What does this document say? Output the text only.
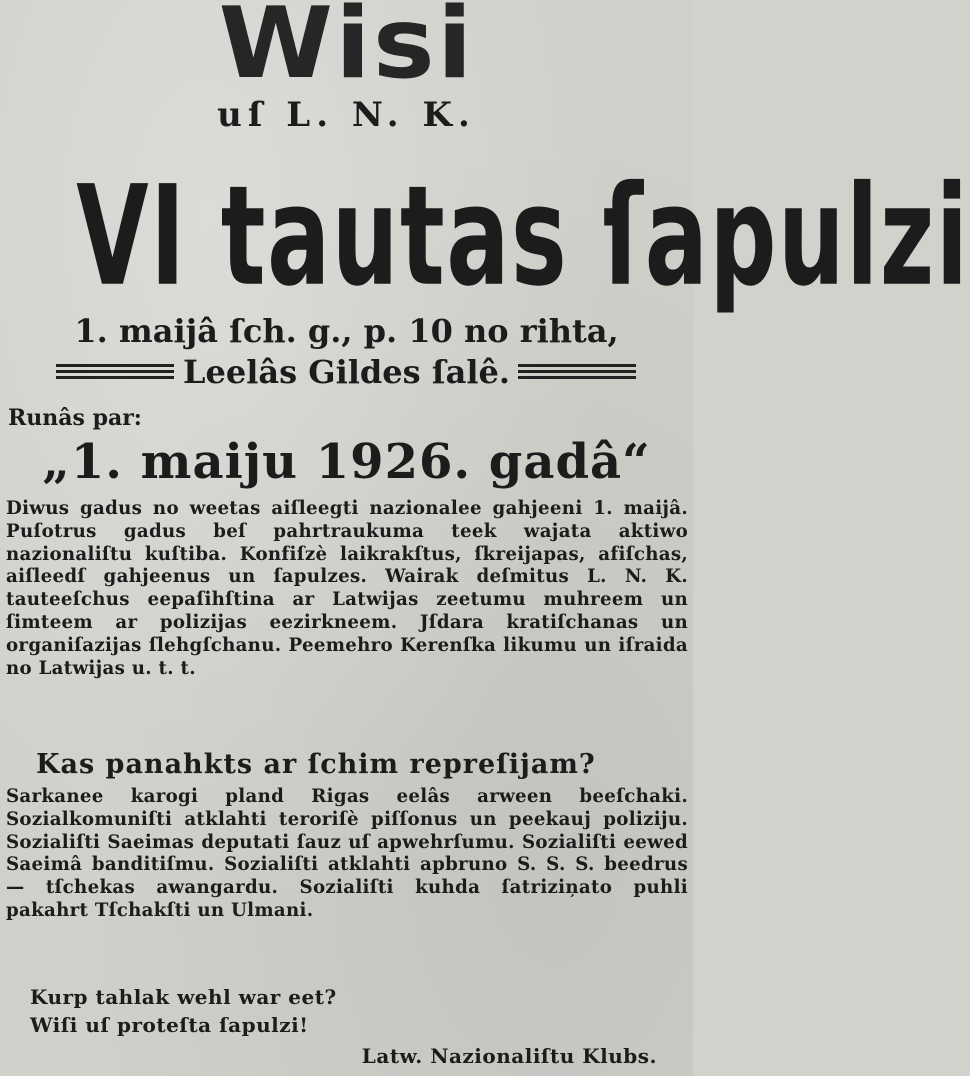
Wisi
uſ L. N. K.
VI tautas ſapulzi
1. maijâ ſch. g., p. 10 no rihta,
Leelâs Gildes ſalê.
Runâs par:
„1. maiju 1926. gadâ“
Diwus gadus no weetas aiſleegti nazionalee gahjeeni 1. maijâ. Puſotrus gadus beſ pahrtraukuma teek wajata aktiwo nazionaliſtu kuſtiba. Konfiſzè laikrakſtus, ſkreijapas, afiſchas, aiſleedſ gahjeenus un ſapulzes. Wairak deſmitus L. N. K. tauteeſchus eepaſihſtina ar Latwijas zeetumu muhreem un ſimteem ar polizijas eezirkneem. Jſdara kratiſchanas un organiſazijas ſlehgſchanu. Peemehro Kerenſka likumu un iſraida no Latwijas u. t. t.
Kas panahkts ar ſchim repreſijam?
Sarkanee karogi pland Rigas eelâs arween beeſchaki. Sozialkomuniſti atklahti teroriſè piſſonus un peekauj poliziju. Sozialiſti Saeimas deputati ſauz uſ apwehrſumu. Sozialiſti eewed Saeimâ banditiſmu. Sozialiſti atklahti apbruno S. S. S. beedrus — tſchekas awangardu. Sozialiſti kuhda ſatriziņato puhli pakahrt Tſchakſti un Ulmani.
Kurp tahlak wehl war eet?
Wiſi uſ proteſta ſapulzi!
Latw. Nazionaliſtu Klubs.
